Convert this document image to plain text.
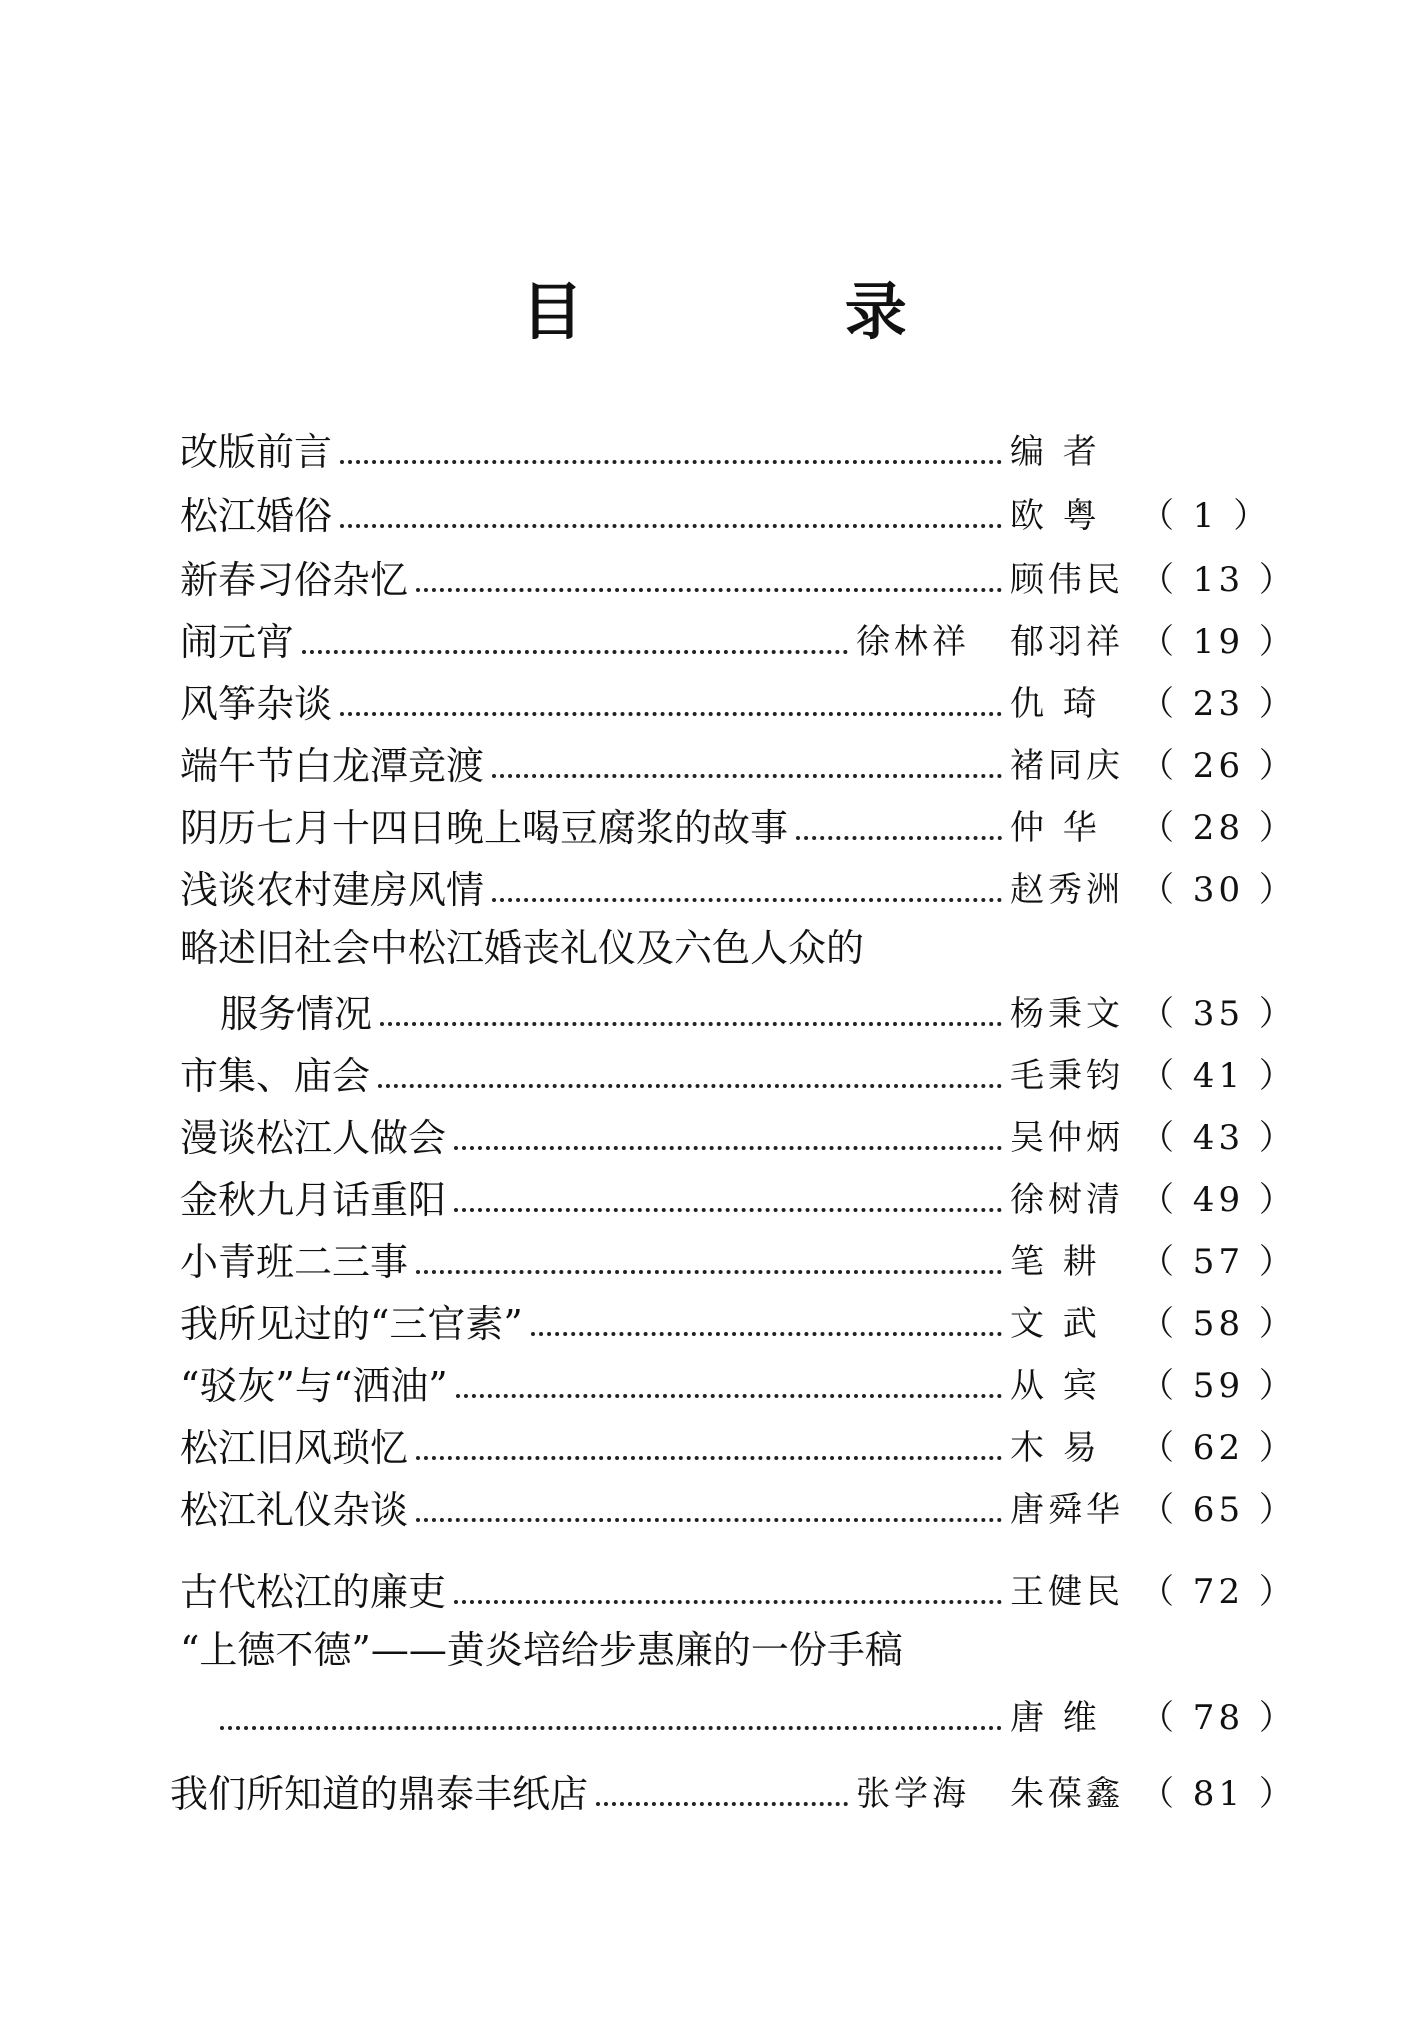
目 录
改版前言	编 者
松江婚俗	欧 粤	（ 1 ）
新春习俗杂忆	顾伟民 （ 13 ）
闹元宵	徐林祥 郁羽祥 （ 19 ）
风筝杂谈	仇 琦	（ 23 ）
端午节白龙潭竞渡	褚同庆 （ 26 ）
阴历七月十四日晚上喝豆腐浆的故事	仲 华	（ 28 ）
浅谈农村建房风情	赵秀洲 （ 30 ）
略述旧社会中松江婚丧礼仪及六色人众的
服务情况	杨秉文 （ 35 ）
市集、庙会	毛秉钧 （ 41 ）
漫谈松江人做会	吴仲炳 （ 43 ）
金秋九月话重阳	徐树清 （ 49 ）
小青班二三事	笔 耕	（ 57 ）
我所见过的“三官素”	文 武	（ 58 ）
“驳灰”与“洒油”	从 宾	（ 59 ）
松江旧风琐忆	木 易	（ 62 ）
松江礼仪杂谈	唐舜华 （ 65 ）
古代松江的廉吏	王健民 （ 72 ）
“上德不德”——黄炎培给步惠廉的一份手稿
唐 维	（ 78 ）
我们所知道的鼎泰丰纸店	张学海 朱葆鑫 （ 81 ）
